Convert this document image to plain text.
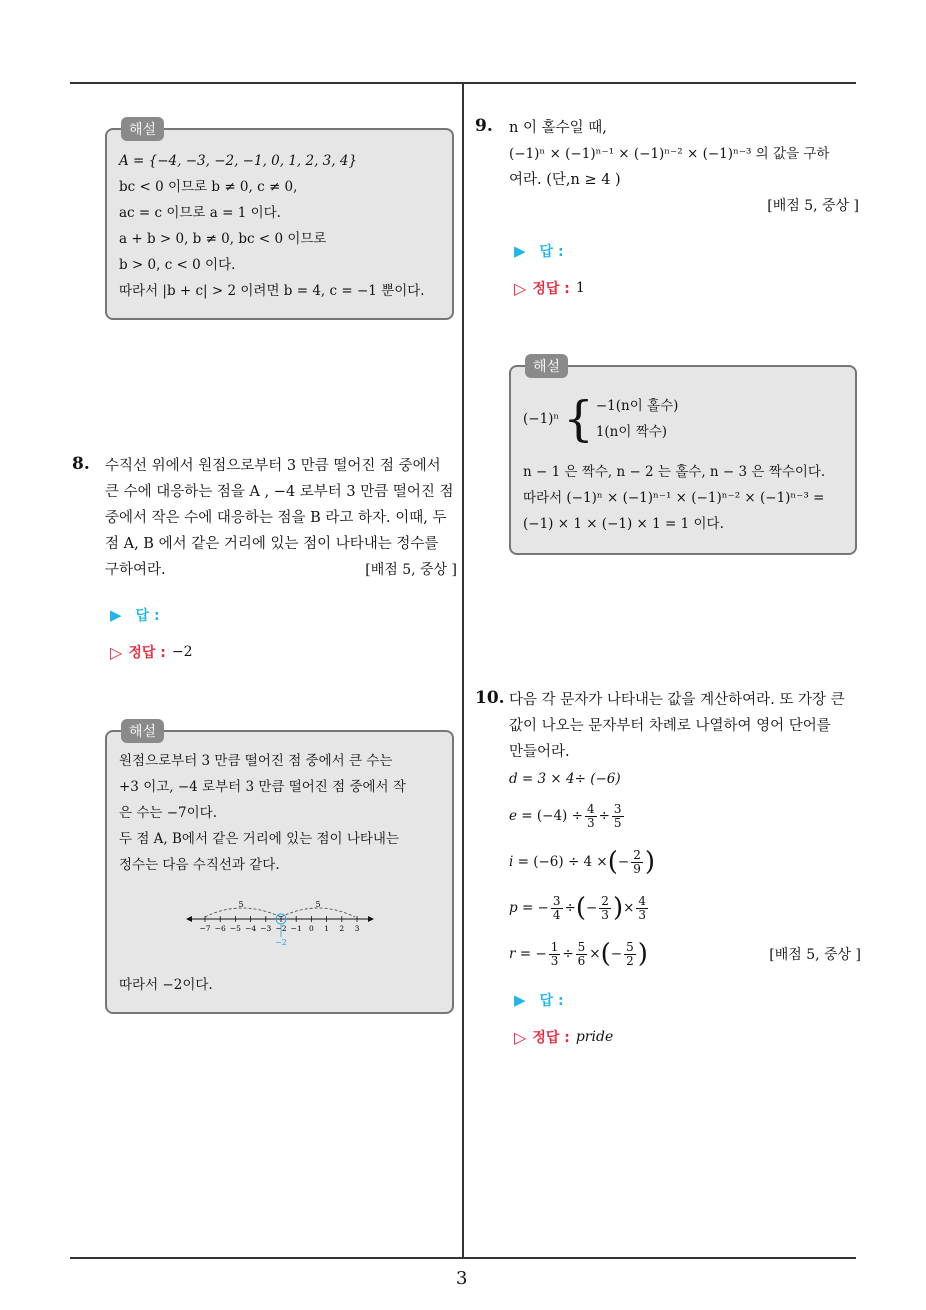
해설
A = {−4, −3, −2, −1, 0, 1, 2, 3, 4}
bc < 0 이므로 b ≠ 0, c ≠ 0,
ac = c 이므로 a = 1 이다.
a + b > 0, b ≠ 0, bc < 0 이므로
b > 0, c < 0 이다.
따라서 |b + c| > 2 이려면 b = 4, c = −1 뿐이다.
8. 수직선 위에서 원점으로부터 3 만큼 떨어진 점 중에서
큰 수에 대응하는 점을 A , −4 로부터 3 만큼 떨어진 점
중에서 작은 수에 대응하는 점을 B 라고 하자. 이때, 두
점 A, B 에서 같은 거리에 있는 점이 나타내는 정수를
구하여라.	[배점 5, 중상 ]
▶ 답 :
▷ 정답 : −2
해설
원점으로부터 3 만큼 떨어진 점 중에서 큰 수는
+3 이고, −4 로부터 3 만큼 떨어진 점 중에서 작
은 수는 −7이다.
두 점 A, B에서 같은 거리에 있는 점이 나타내는
정수는 다음 수직선과 같다.
−7 −6 −5 −4 −3 −2 −1 0 1 2 3
5	5
−2
따라서 −2이다.
9. n 이 홀수일 때,
(−1)ⁿ × (−1)ⁿ⁻¹ × (−1)ⁿ⁻² × (−1)ⁿ⁻³ 의 값을 구하
여라. (단,n ≥ 4 )
[배점 5, 중상 ]
▶ 답 :
▷ 정답 : 1
해설
(−1)ⁿ { −1(n이 홀수)
1(n이 짝수)
n − 1 은 짝수, n − 2 는 홀수, n − 3 은 짝수이다.
따라서 (−1)ⁿ × (−1)ⁿ⁻¹ × (−1)ⁿ⁻² × (−1)ⁿ⁻³ =
(−1) × 1 × (−1) × 1 = 1 이다.
10. 다음 각 문자가 나타내는 값을 계산하여라. 또 가장 큰
값이 나오는 문자부터 차례로 나열하여 영어 단어를
만들어라.
d = 3 × 4÷ (−6)
$e = (-4) \div \frac{4}{3} \div \frac{3}{5}$
i = (−6) ÷ 4 × ( − $\frac{2}{9}$ )
p = − $\frac{3}{4}$ ÷ ( − $\frac{2}{3}$ ) × $\frac{4}{3}$
r = − $\frac{1}{3} \div \frac{5}{6}$ × ( − $\frac{5}{2}$ )	[배점 5, 중상 ]
▶ 답 :
▷ 정답 : pride
3
